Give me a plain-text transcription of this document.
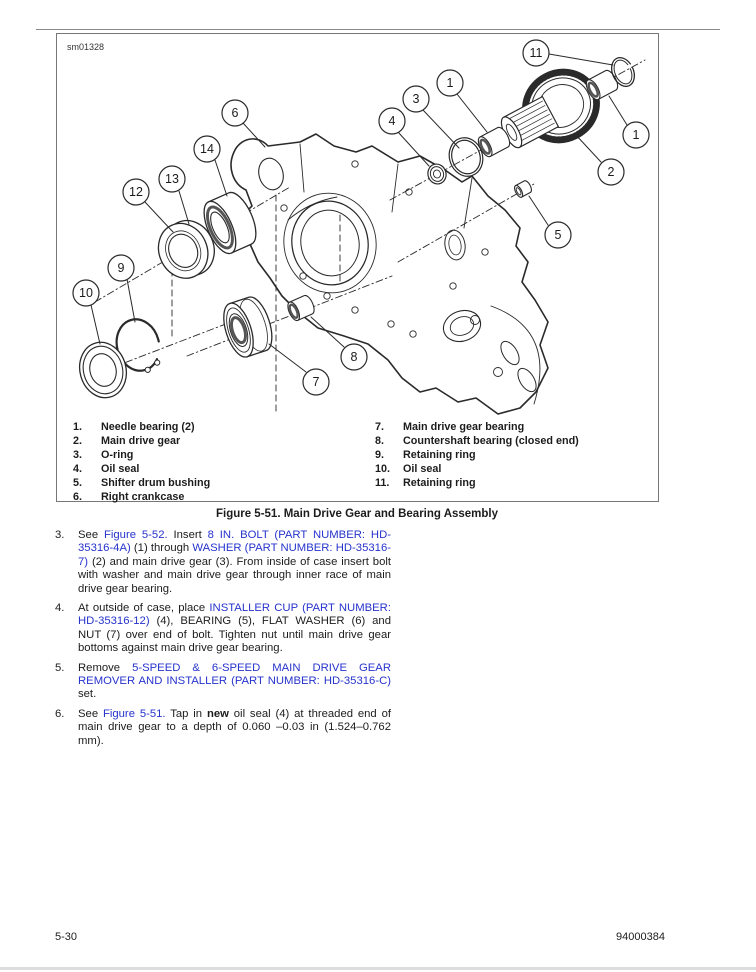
6
14
13
12
9
10
7
8
5
2
1
11
1
3
4
sm01328
1.	Needle bearing (2)
2.	Main drive gear
3.	O-ring
4.	Oil seal
5.	Shifter drum bushing
6.	Right crankcase
7.	Main drive gear bearing
8.	Countershaft bearing (closed end)
9.	Retaining ring
10.	Oil seal
11.	Retaining ring
Figure 5-51. Main Drive Gear and Bearing Assembly
3. See Figure 5-52. Insert 8 IN. BOLT (PART NUMBER: HD-35316-4A) (1) through WASHER (PART NUMBER: HD-35316-7) (2) and main drive gear (3). From inside of case insert bolt with washer and main drive gear through inner race of main drive gear bearing.
4. At outside of case, place INSTALLER CUP (PART NUMBER: HD-35316-12) (4), BEARING (5), FLAT WASHER (6) and NUT (7) over end of bolt. Tighten nut until main drive gear bottoms against main drive gear bearing.
5. Remove 5-SPEED & 6-SPEED MAIN DRIVE GEAR REMOVER AND INSTALLER (PART NUMBER: HD-35316-C) set.
6. See Figure 5-51. Tap in new oil seal (4) at threaded end of main drive gear to a depth of 0.060 –0.03 in (1.524–0.762 mm).
5-30	94000384
